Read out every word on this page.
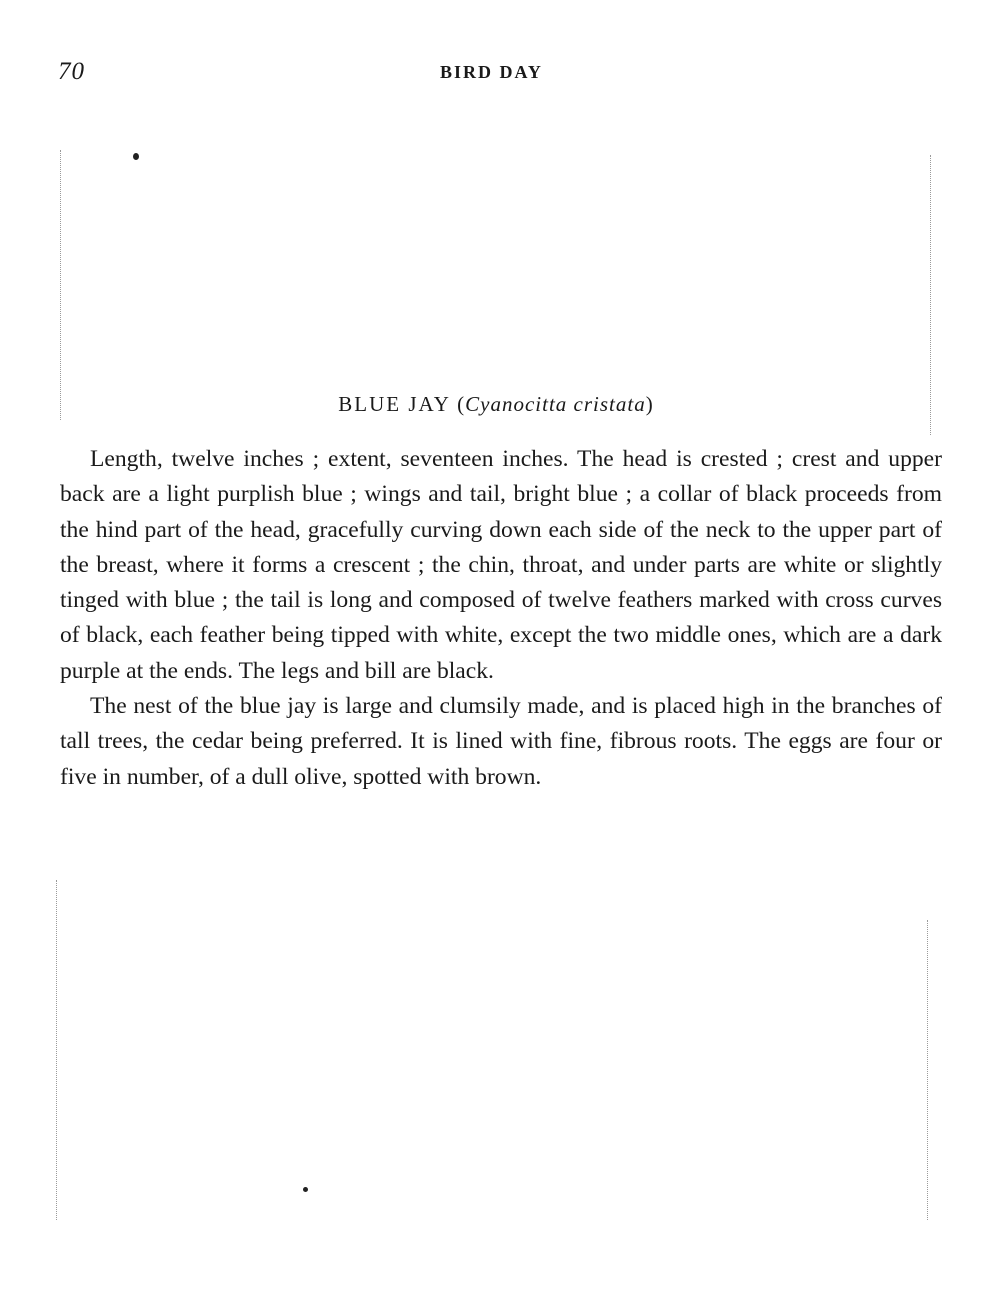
70	BIRD DAY
BLUE JAY (Cyanocitta cristata)

Length, twelve inches ; extent, seventeen inches. The head is crested ; crest and upper back are a light purplish blue ; wings and tail, bright blue ; a collar of black proceeds from the hind part of the head, gracefully curving down each side of the neck to the upper part of the breast, where it forms a crescent ; the chin, throat, and under parts are white or slightly tinged with blue ; the tail is long and composed of twelve feathers marked with cross curves of black, each feather being tipped with white, except the two middle ones, which are a dark purple at the ends. The legs and bill are black.

The nest of the blue jay is large and clumsily made, and is placed high in the branches of tall trees, the cedar being preferred. It is lined with fine, fibrous roots. The eggs are four or five in number, of a dull olive, spotted with brown.
